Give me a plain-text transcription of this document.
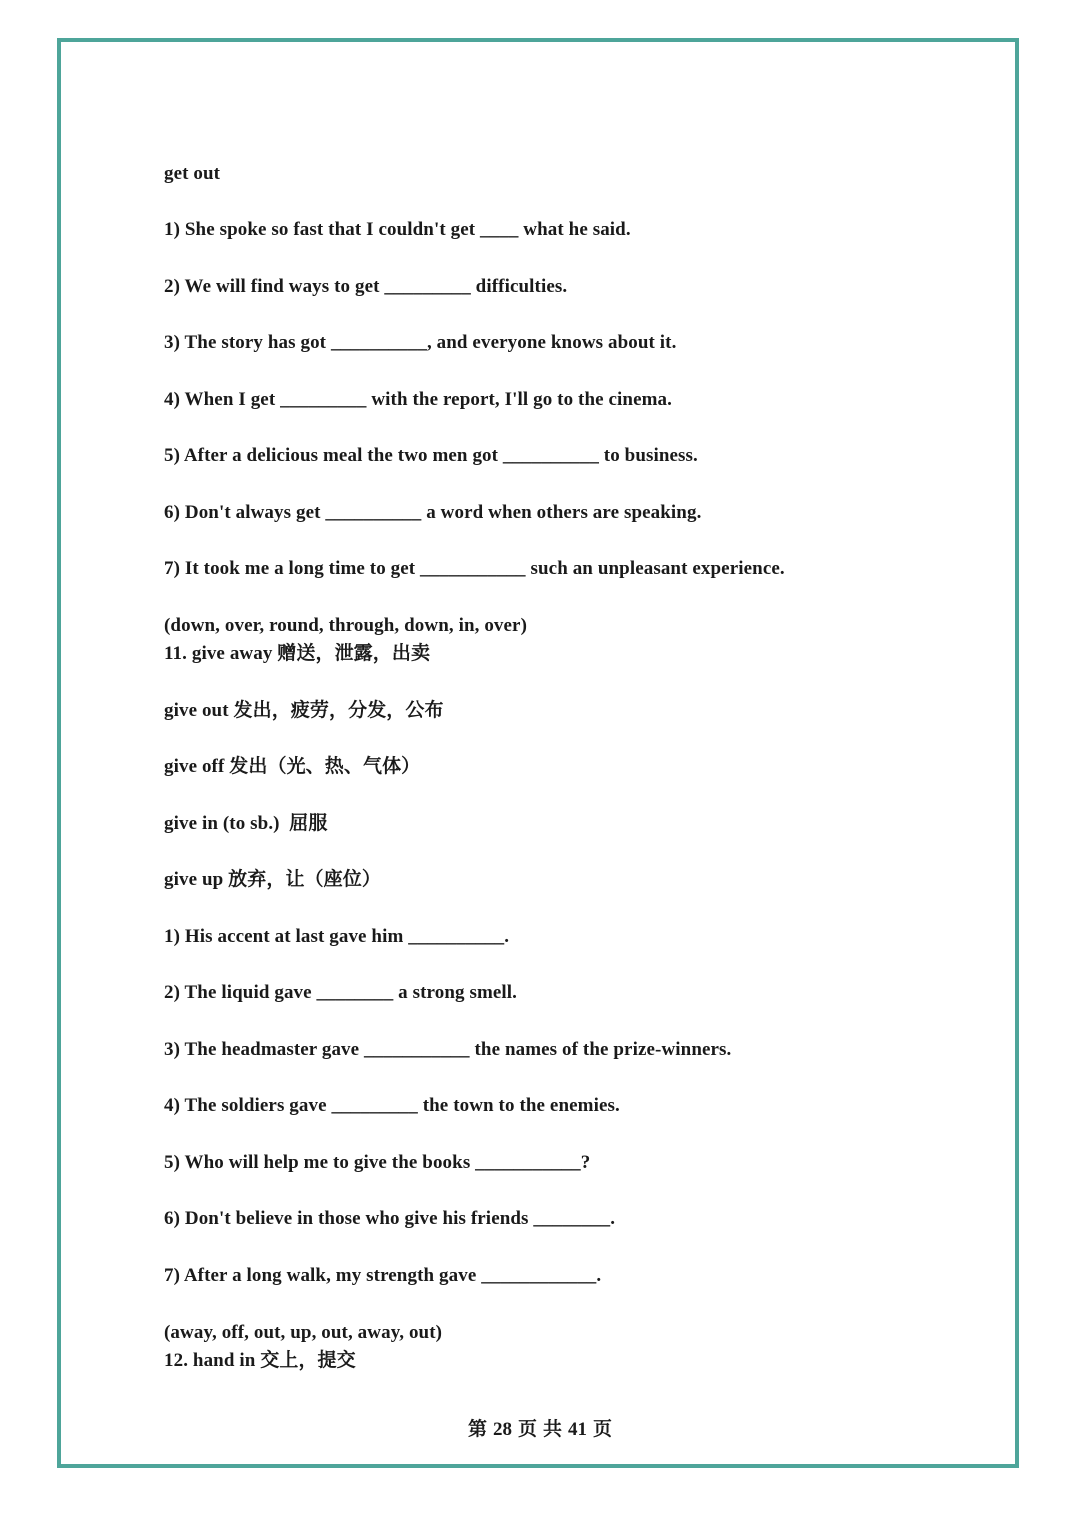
get out
1) She spoke so fast that I couldn't get ____ what he said.
2) We will find ways to get _________ difficulties.
3) The story has got __________, and everyone knows about it.
4) When I get _________ with the report, I'll go to the cinema.
5) After a delicious meal the two men got __________ to business.
6) Don't always get __________ a word when others are speaking.
7) It took me a long time to get ___________ such an unpleasant experience.
(down, over, round, through, down, in, over)
11. give away 赠送，泄露，出卖
give out 发出，疲劳，分发，公布
give off 发出（光、热、气体）
give in (to sb.)  屈服
give up 放弃，让（座位）
1) His accent at last gave him __________.
2) The liquid gave ________ a strong smell.
3) The headmaster gave ___________ the names of the prize-winners.
4) The soldiers gave _________ the town to the enemies.
5) Who will help me to give the books ___________?
6) Don't believe in those who give his friends ________.
7) After a long walk, my strength gave ____________.
(away, off, out, up, out, away, out)
12. hand in 交上，提交
第 28 页 共 41 页
